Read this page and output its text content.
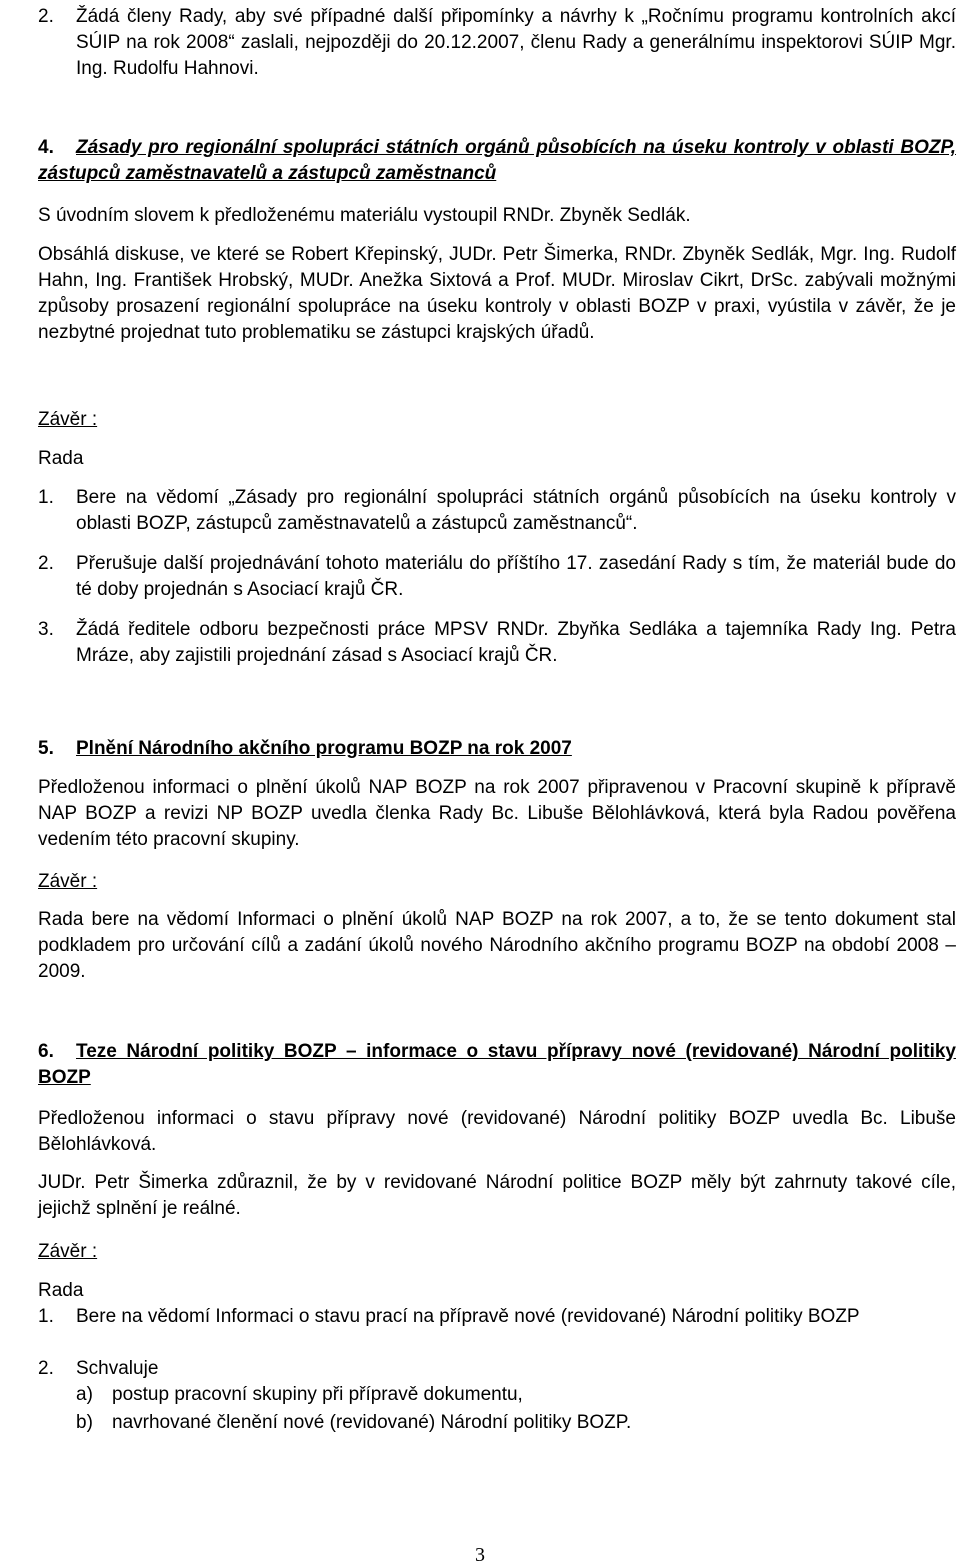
2. Žádá členy Rady, aby své případné další připomínky a návrhy k „Ročnímu programu kontrolních akcí SÚIP na rok 2008“ zaslali, nejpozději do 20.12.2007, členu Rady a generálnímu inspektorovi SÚIP Mgr. Ing. Rudolfu Hahnovi.
4.	Zásady pro regionální spolupráci státních orgánů působících na úseku kontroly v oblasti BOZP, zástupců zaměstnavatelů a zástupců zaměstnanců
S úvodním slovem k předloženému materiálu vystoupil RNDr. Zbyněk Sedlák.
Obsáhlá diskuse, ve které se Robert Křepinský, JUDr. Petr Šimerka, RNDr. Zbyněk Sedlák, Mgr. Ing. Rudolf Hahn, Ing. František Hrobský, MUDr. Anežka Sixtová a Prof. MUDr. Miroslav Cikrt, DrSc. zabývali možnými způsoby prosazení regionální spolupráce na úseku kontroly v oblasti BOZP v praxi, vyústila v závěr, že je nezbytné projednat tuto problematiku se zástupci krajských úřadů.
Závěr :
Rada
1. Bere na vědomí „Zásady pro regionální spolupráci státních orgánů působících na úseku kontroly v oblasti BOZP, zástupců zaměstnavatelů a zástupců zaměstnanců“.
2. Přerušuje další projednávání tohoto materiálu do příštího 17. zasedání Rady s tím, že materiál bude do té doby projednán s Asociací krajů ČR.
3. Žádá ředitele odboru bezpečnosti práce MPSV RNDr. Zbyňka Sedláka a tajemníka Rady Ing. Petra Mráze, aby zajistili projednání zásad s Asociací krajů ČR.
5.	Plnění Národního akčního programu BOZP na rok 2007
Předloženou informaci o plnění úkolů NAP BOZP na rok 2007 připravenou v Pracovní skupině k přípravě NAP BOZP a revizi NP BOZP uvedla členka Rady Bc. Libuše Bělohlávková, která byla Radou pověřena vedením této pracovní skupiny.
Závěr :
Rada bere na vědomí Informaci o plnění úkolů NAP BOZP na rok 2007, a to, že se tento dokument stal podkladem pro určování cílů a zadání úkolů nového Národního akčního programu BOZP na období 2008 – 2009.
6.	Teze Národní politiky BOZP – informace o stavu přípravy nové (revidované) Národní politiky BOZP
Předloženou informaci o stavu přípravy nové (revidované) Národní politiky BOZP uvedla Bc. Libuše Bělohlávková.
JUDr. Petr Šimerka zdůraznil, že by v revidované Národní politice BOZP měly být zahrnuty takové cíle, jejichž splnění je reálné.
Závěr :
Rada
1. Bere na vědomí Informaci o stavu prací na přípravě nové (revidované) Národní politiky BOZP
2. Schvaluje
a) postup pracovní skupiny při přípravě dokumentu,
b) navrhované členění nové (revidované) Národní politiky BOZP.
3
